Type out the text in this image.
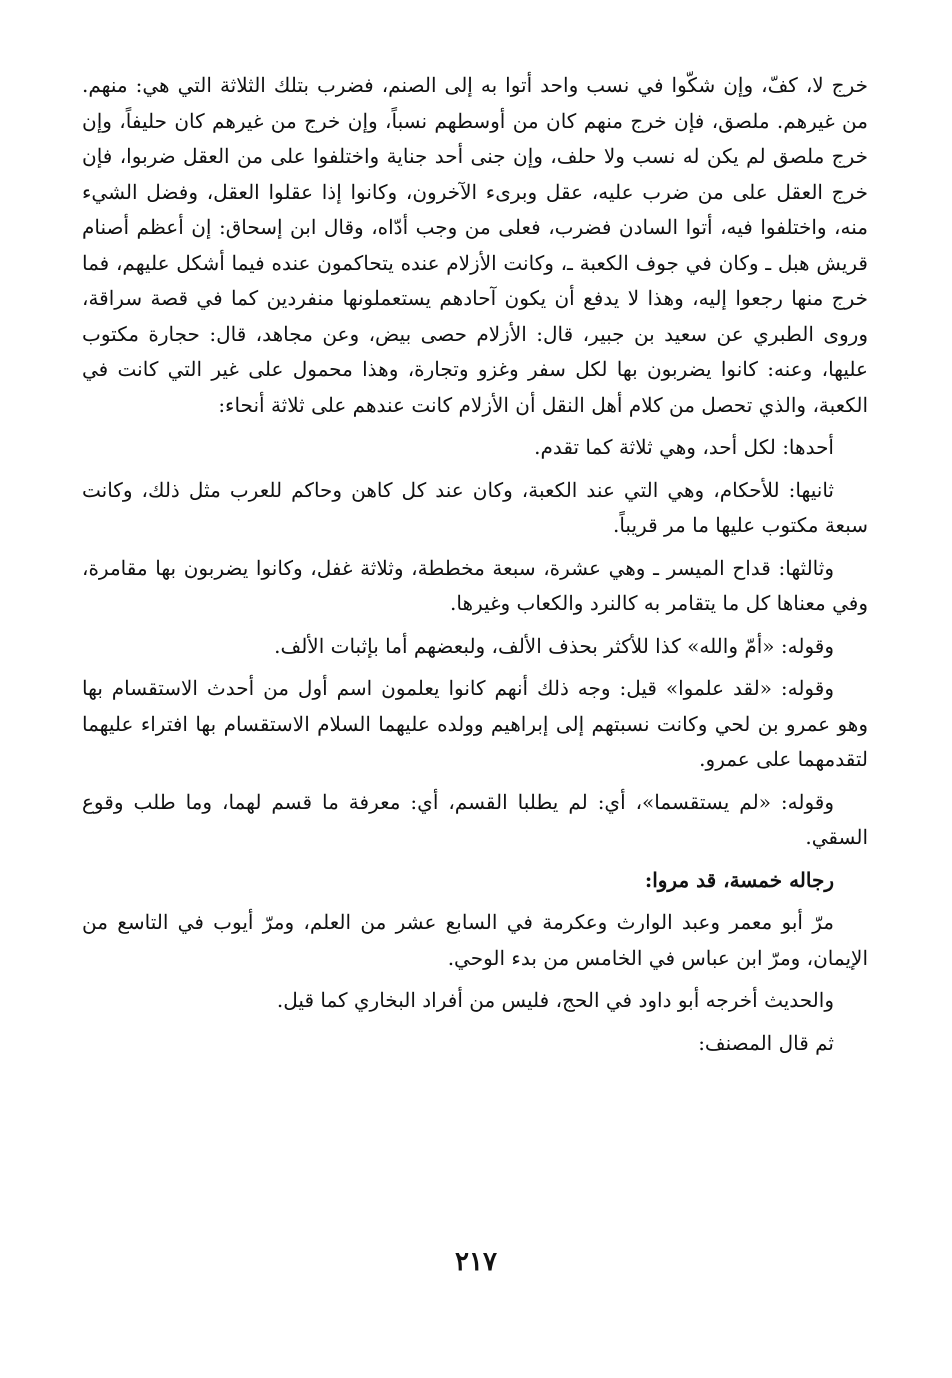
خرج لا، كفّ، وإن شكّوا في نسب واحد أتوا به إلى الصنم، فضرب بتلك الثلاثة التي هي: منهم. من غيرهم. ملصق، فإن خرج منهم كان من أوسطهم نسباً، وإن خرج من غيرهم كان حليفاً، وإن خرج ملصق لم يكن له نسب ولا حلف، وإن جنى أحد جناية واختلفوا على من العقل ضربوا، فإن خرج العقل على من ضرب عليه، عقل وبرىء الآخرون، وكانوا إذا عقلوا العقل، وفضل الشيء منه، واختلفوا فيه، أتوا السادن فضرب، فعلى من وجب أدّاه، وقال ابن إسحاق: إن أعظم أصنام قريش هبل ـ وكان في جوف الكعبة ـ، وكانت الأزلام عنده يتحاكمون عنده فيما أشكل عليهم، فما خرج منها رجعوا إليه، وهذا لا يدفع أن يكون آحادهم يستعملونها منفردين كما في قصة سراقة، وروى الطبري عن سعيد بن جبير، قال: الأزلام حصى بيض، وعن مجاهد، قال: حجارة مكتوب عليها، وعنه: كانوا يضربون بها لكل سفر وغزو وتجارة، وهذا محمول على غير التي كانت في الكعبة، والذي تحصل من كلام أهل النقل أن الأزلام كانت عندهم على ثلاثة أنحاء:

أحدها: لكل أحد، وهي ثلاثة كما تقدم.

ثانيها: للأحكام، وهي التي عند الكعبة، وكان عند كل كاهن وحاكم للعرب مثل ذلك، وكانت سبعة مكتوب عليها ما مر قريباً.

وثالثها: قداح الميسر ـ وهي عشرة، سبعة مخططة، وثلاثة غفل، وكانوا يضربون بها مقامرة، وفي معناها كل ما يتقامر به كالنرد والكعاب وغيرها.

وقوله: «أمّ والله» كذا للأكثر بحذف الألف، ولبعضهم أما بإثبات الألف.

وقوله: «لقد علموا» قيل: وجه ذلك أنهم كانوا يعلمون اسم أول من أحدث الاستقسام بها وهو عمرو بن لحي وكانت نسبتهم إلى إبراهيم وولده عليهما السلام الاستقسام بها افتراء عليهما لتقدمهما على عمرو.

وقوله: «لم يستقسما»، أي: لم يطلبا القسم، أي: معرفة ما قسم لهما، وما طلب وقوع السقي.

رجاله خمسة، قد مروا:

مرّ أبو معمر وعبد الوارث وعكرمة في السابع عشر من العلم، ومرّ أيوب في التاسع من الإيمان، ومرّ ابن عباس في الخامس من بدء الوحي.

والحديث أخرجه أبو داود في الحج، فليس من أفراد البخاري كما قيل.

ثم قال المصنف:

٢١٧
